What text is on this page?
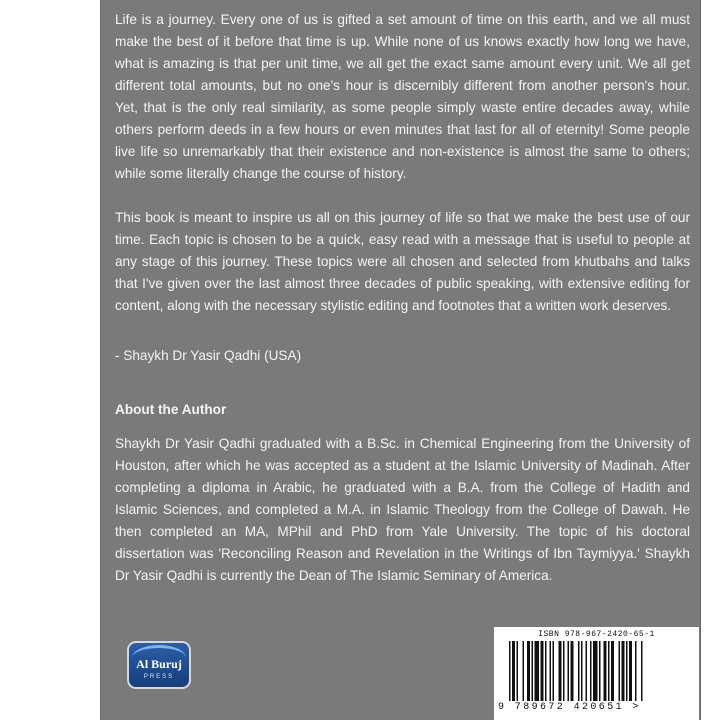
Life is a journey. Every one of us is gifted a set amount of time on this earth, and we all must make the best of it before that time is up. While none of us knows exactly how long we have, what is amazing is that per unit time, we all get the exact same amount every unit. We all get different total amounts, but no one's hour is discernibly different from another person's hour. Yet, that is the only real similarity, as some people simply waste entire decades away, while others perform deeds in a few hours or even minutes that last for all of eternity! Some people live life so unremarkably that their existence and non-existence is almost the same to others; while some literally change the course of history.

This book is meant to inspire us all on this journey of life so that we make the best use of our time. Each topic is chosen to be a quick, easy read with a message that is useful to people at any stage of this journey. These topics were all chosen and selected from khutbahs and talks that I've given over the last almost three decades of public speaking, with extensive editing for content, along with the necessary stylistic editing and footnotes that a written work deserves.

- Shaykh Dr Yasir Qadhi (USA)

About the Author

Shaykh Dr Yasir Qadhi graduated with a B.Sc. in Chemical Engineering from the University of Houston, after which he was accepted as a student at the Islamic University of Madinah. After completing a diploma in Arabic, he graduated with a B.A. from the College of Hadith and Islamic Sciences, and completed a M.A. in Islamic Theology from the College of Dawah. He then completed an MA, MPhil and PhD from Yale University. The topic of his doctoral dissertation was 'Reconciling Reason and Revelation in the Writings of Ibn Taymiyya.' Shaykh Dr Yasir Qadhi is currently the Dean of The Islamic Seminary of America.

Al Buruj
PRESS
ISBN 978-967-2420-65-1
9 789672 420651 >
